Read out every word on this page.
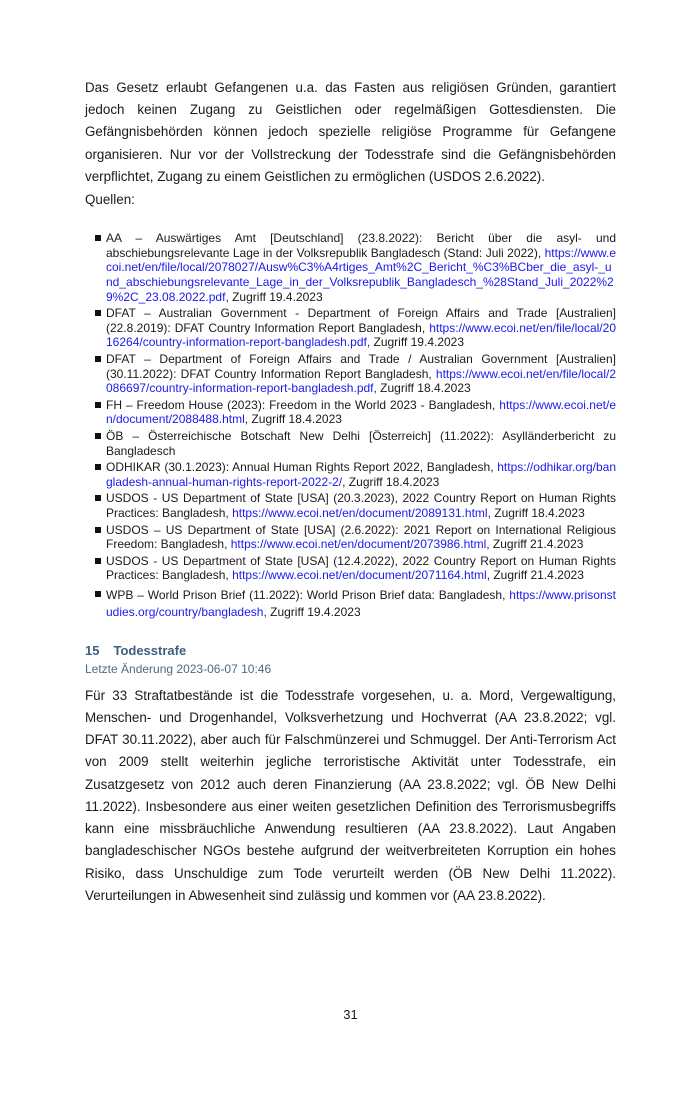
Das Gesetz erlaubt Gefangenen u.a. das Fasten aus religiösen Gründen, garantiert jedoch keinen Zugang zu Geistlichen oder regelmäßigen Gottesdiensten. Die Gefängnisbehörden können jedoch spezielle religiöse Programme für Gefangene organisieren. Nur vor der Vollstreckung der Todesstrafe sind die Gefängnisbehörden verpflichtet, Zugang zu einem Geistlichen zu ermöglichen (USDOS 2.6.2022).

Quellen:

AA – Auswärtiges Amt [Deutschland] (23.8.2022): Bericht über die asyl- und abschiebungsrelevante Lage in der Volksrepublik Bangladesch (Stand: Juli 2022), https://www.ecoi.net/en/file/local/2078027/Ausw%C3%A4rtiges_Amt%2C_Bericht_%C3%BCber_die_asyl-_und_abschiebungsrelevante_Lage_in_der_Volksrepublik_Bangladesch_%28Stand_Juli_2022%29%2C_23.08.2022.pdf, Zugriff 19.4.2023
DFAT – Australian Government - Department of Foreign Affairs and Trade [Australien] (22.8.2019): DFAT Country Information Report Bangladesh, https://www.ecoi.net/en/file/local/2016264/country-information-report-bangladesh.pdf, Zugriff 19.4.2023
DFAT – Department of Foreign Affairs and Trade / Australian Government [Australien] (30.11.2022): DFAT Country Information Report Bangladesh, https://www.ecoi.net/en/file/local/2086697/country-information-report-bangladesh.pdf, Zugriff 18.4.2023
FH – Freedom House (2023): Freedom in the World 2023 - Bangladesh, https://www.ecoi.net/en/document/2088488.html, Zugriff 18.4.2023
ÖB – Österreichische Botschaft New Delhi [Österreich] (11.2022): Asylländerbericht zu Bangladesch
ODHIKAR (30.1.2023): Annual Human Rights Report 2022, Bangladesh, https://odhikar.org/bangladesh-annual-human-rights-report-2022-2/, Zugriff 18.4.2023
USDOS - US Department of State [USA] (20.3.2023), 2022 Country Report on Human Rights Practices: Bangladesh, https://www.ecoi.net/en/document/2089131.html, Zugriff 18.4.2023
USDOS – US Department of State [USA] (2.6.2022): 2021 Report on International Religious Freedom: Bangladesh, https://www.ecoi.net/en/document/2073986.html, Zugriff 21.4.2023
USDOS - US Department of State [USA] (12.4.2022), 2022 Country Report on Human Rights Practices: Bangladesh, https://www.ecoi.net/en/document/2071164.html, Zugriff 21.4.2023
WPB – World Prison Brief (11.2022): World Prison Brief data: Bangladesh, https://www.prisonstudies.org/country/bangladesh, Zugriff 19.4.2023
15 Todesstrafe
Letzte Änderung 2023-06-07 10:46

Für 33 Straftatbestände ist die Todesstrafe vorgesehen, u. a. Mord, Vergewaltigung, Menschen- und Drogenhandel, Volksverhetzung und Hochverrat (AA 23.8.2022; vgl. DFAT 30.11.2022), aber auch für Falschmünzerei und Schmuggel. Der Anti-Terrorism Act von 2009 stellt weiterhin jegliche terroristische Aktivität unter Todesstrafe, ein Zusatzgesetz von 2012 auch deren Finanzierung (AA 23.8.2022; vgl. ÖB New Delhi 11.2022). Insbesondere aus einer weiten gesetzlichen Definition des Terrorismusbegriffs kann eine missbräuchliche Anwendung resultieren (AA 23.8.2022). Laut Angaben bangladeschischer NGOs bestehe aufgrund der weitverbreiteten Korruption ein hohes Risiko, dass Unschuldige zum Tode verurteilt werden (ÖB New Delhi 11.2022). Verurteilungen in Abwesenheit sind zulässig und kommen vor (AA 23.8.2022).

31
